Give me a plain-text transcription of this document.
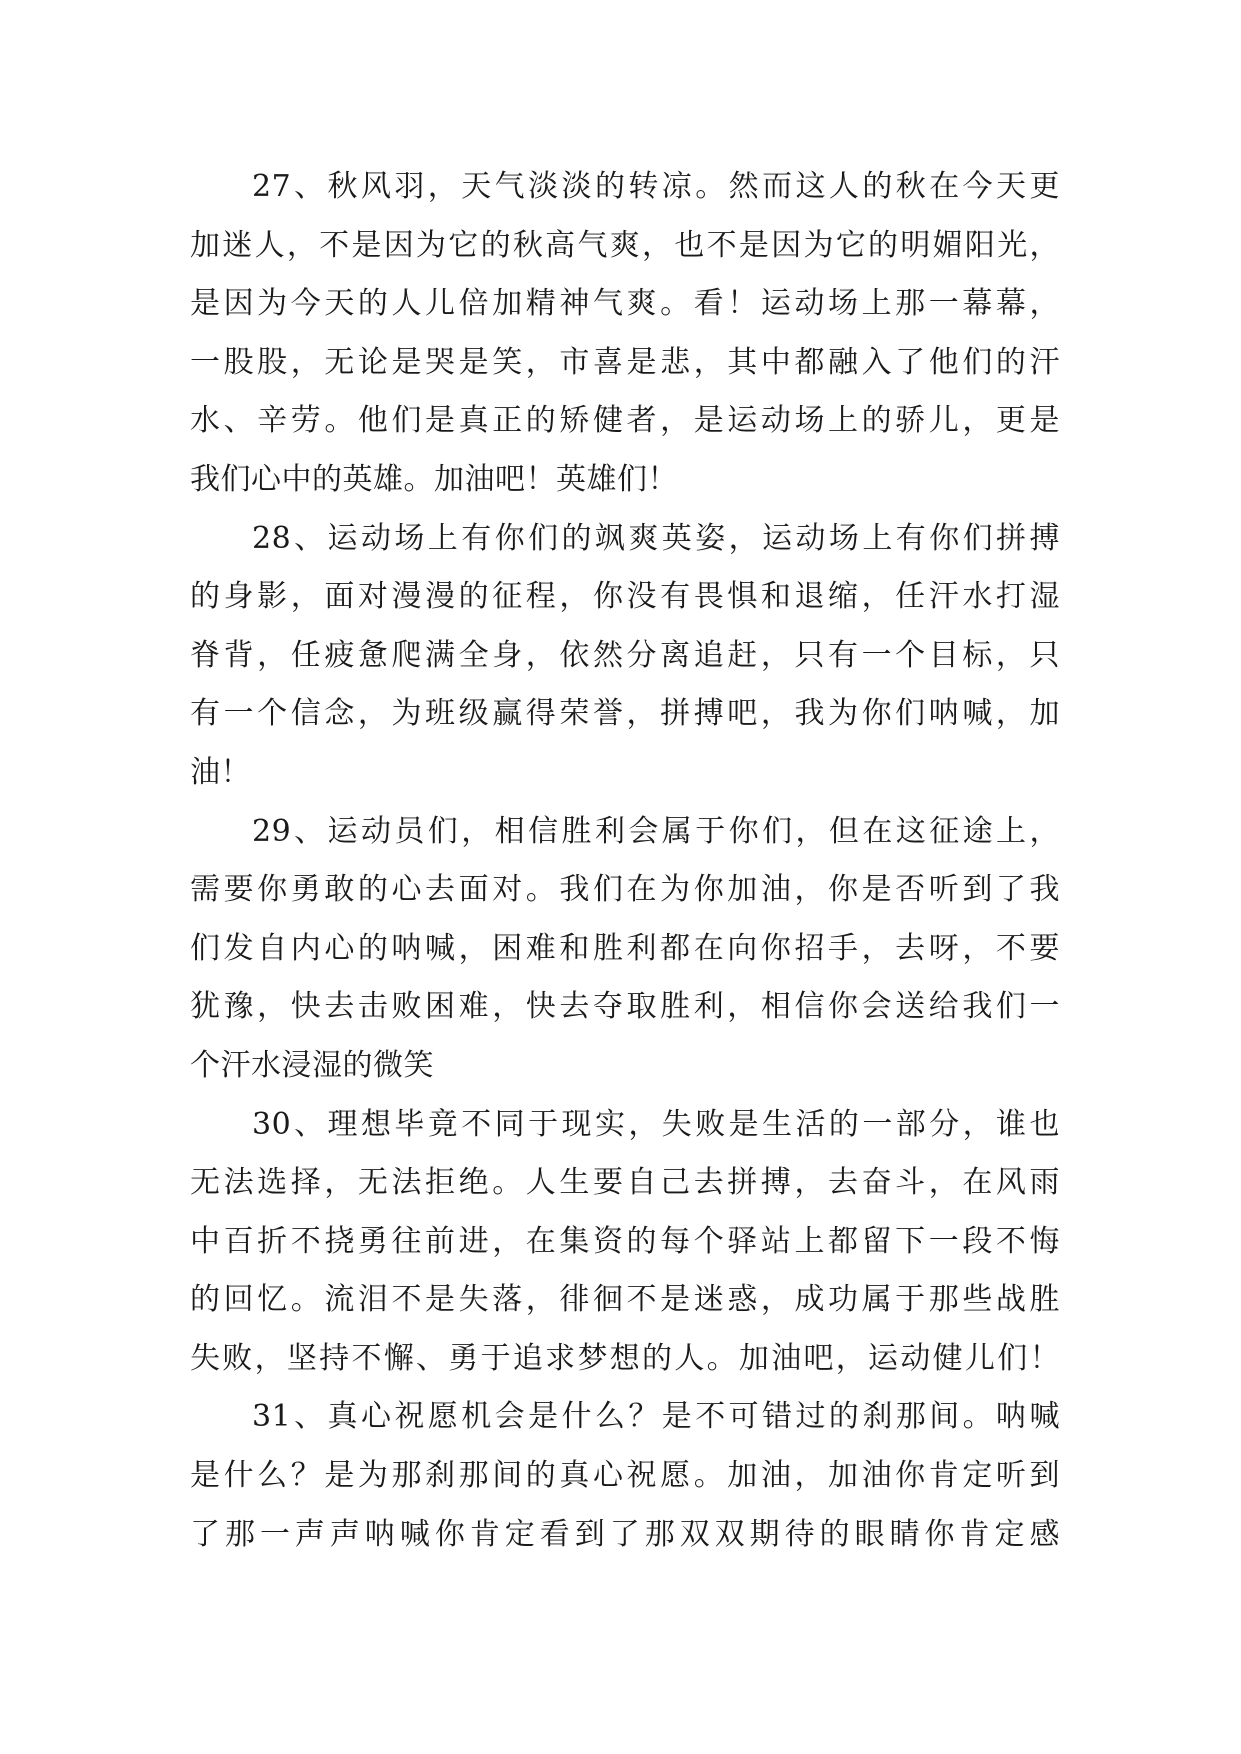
27、秋风羽，天气淡淡的转凉。然而这人的秋在今天更
加迷人，不是因为它的秋高气爽，也不是因为它的明媚阳光，
是因为今天的人儿倍加精神气爽。看！运动场上那一幕幕，
一股股，无论是哭是笑，市喜是悲，其中都融入了他们的汗
水、辛劳。他们是真正的矫健者，是运动场上的骄儿，更是
我们心中的英雄。加油吧！英雄们！
28、运动场上有你们的飒爽英姿，运动场上有你们拼搏
的身影，面对漫漫的征程，你没有畏惧和退缩，任汗水打湿
脊背，任疲惫爬满全身，依然分离追赶，只有一个目标，只
有一个信念，为班级赢得荣誉，拼搏吧，我为你们呐喊，加
油！
29、运动员们，相信胜利会属于你们，但在这征途上，
需要你勇敢的心去面对。我们在为你加油，你是否听到了我
们发自内心的呐喊，困难和胜利都在向你招手，去呀，不要
犹豫，快去击败困难，快去夺取胜利，相信你会送给我们一
个汗水浸湿的微笑
30、理想毕竟不同于现实，失败是生活的一部分，谁也
无法选择，无法拒绝。人生要自己去拼搏，去奋斗，在风雨
中百折不挠勇往前进，在集资的每个驿站上都留下一段不悔
的回忆。流泪不是失落，徘徊不是迷惑，成功属于那些战胜
失败，坚持不懈、勇于追求梦想的人。加油吧，运动健儿们！
31、真心祝愿机会是什么？是不可错过的刹那间。呐喊
是什么？是为那刹那间的真心祝愿。加油，加油你肯定听到
了那一声声呐喊你肯定看到了那双双期待的眼睛你肯定感
